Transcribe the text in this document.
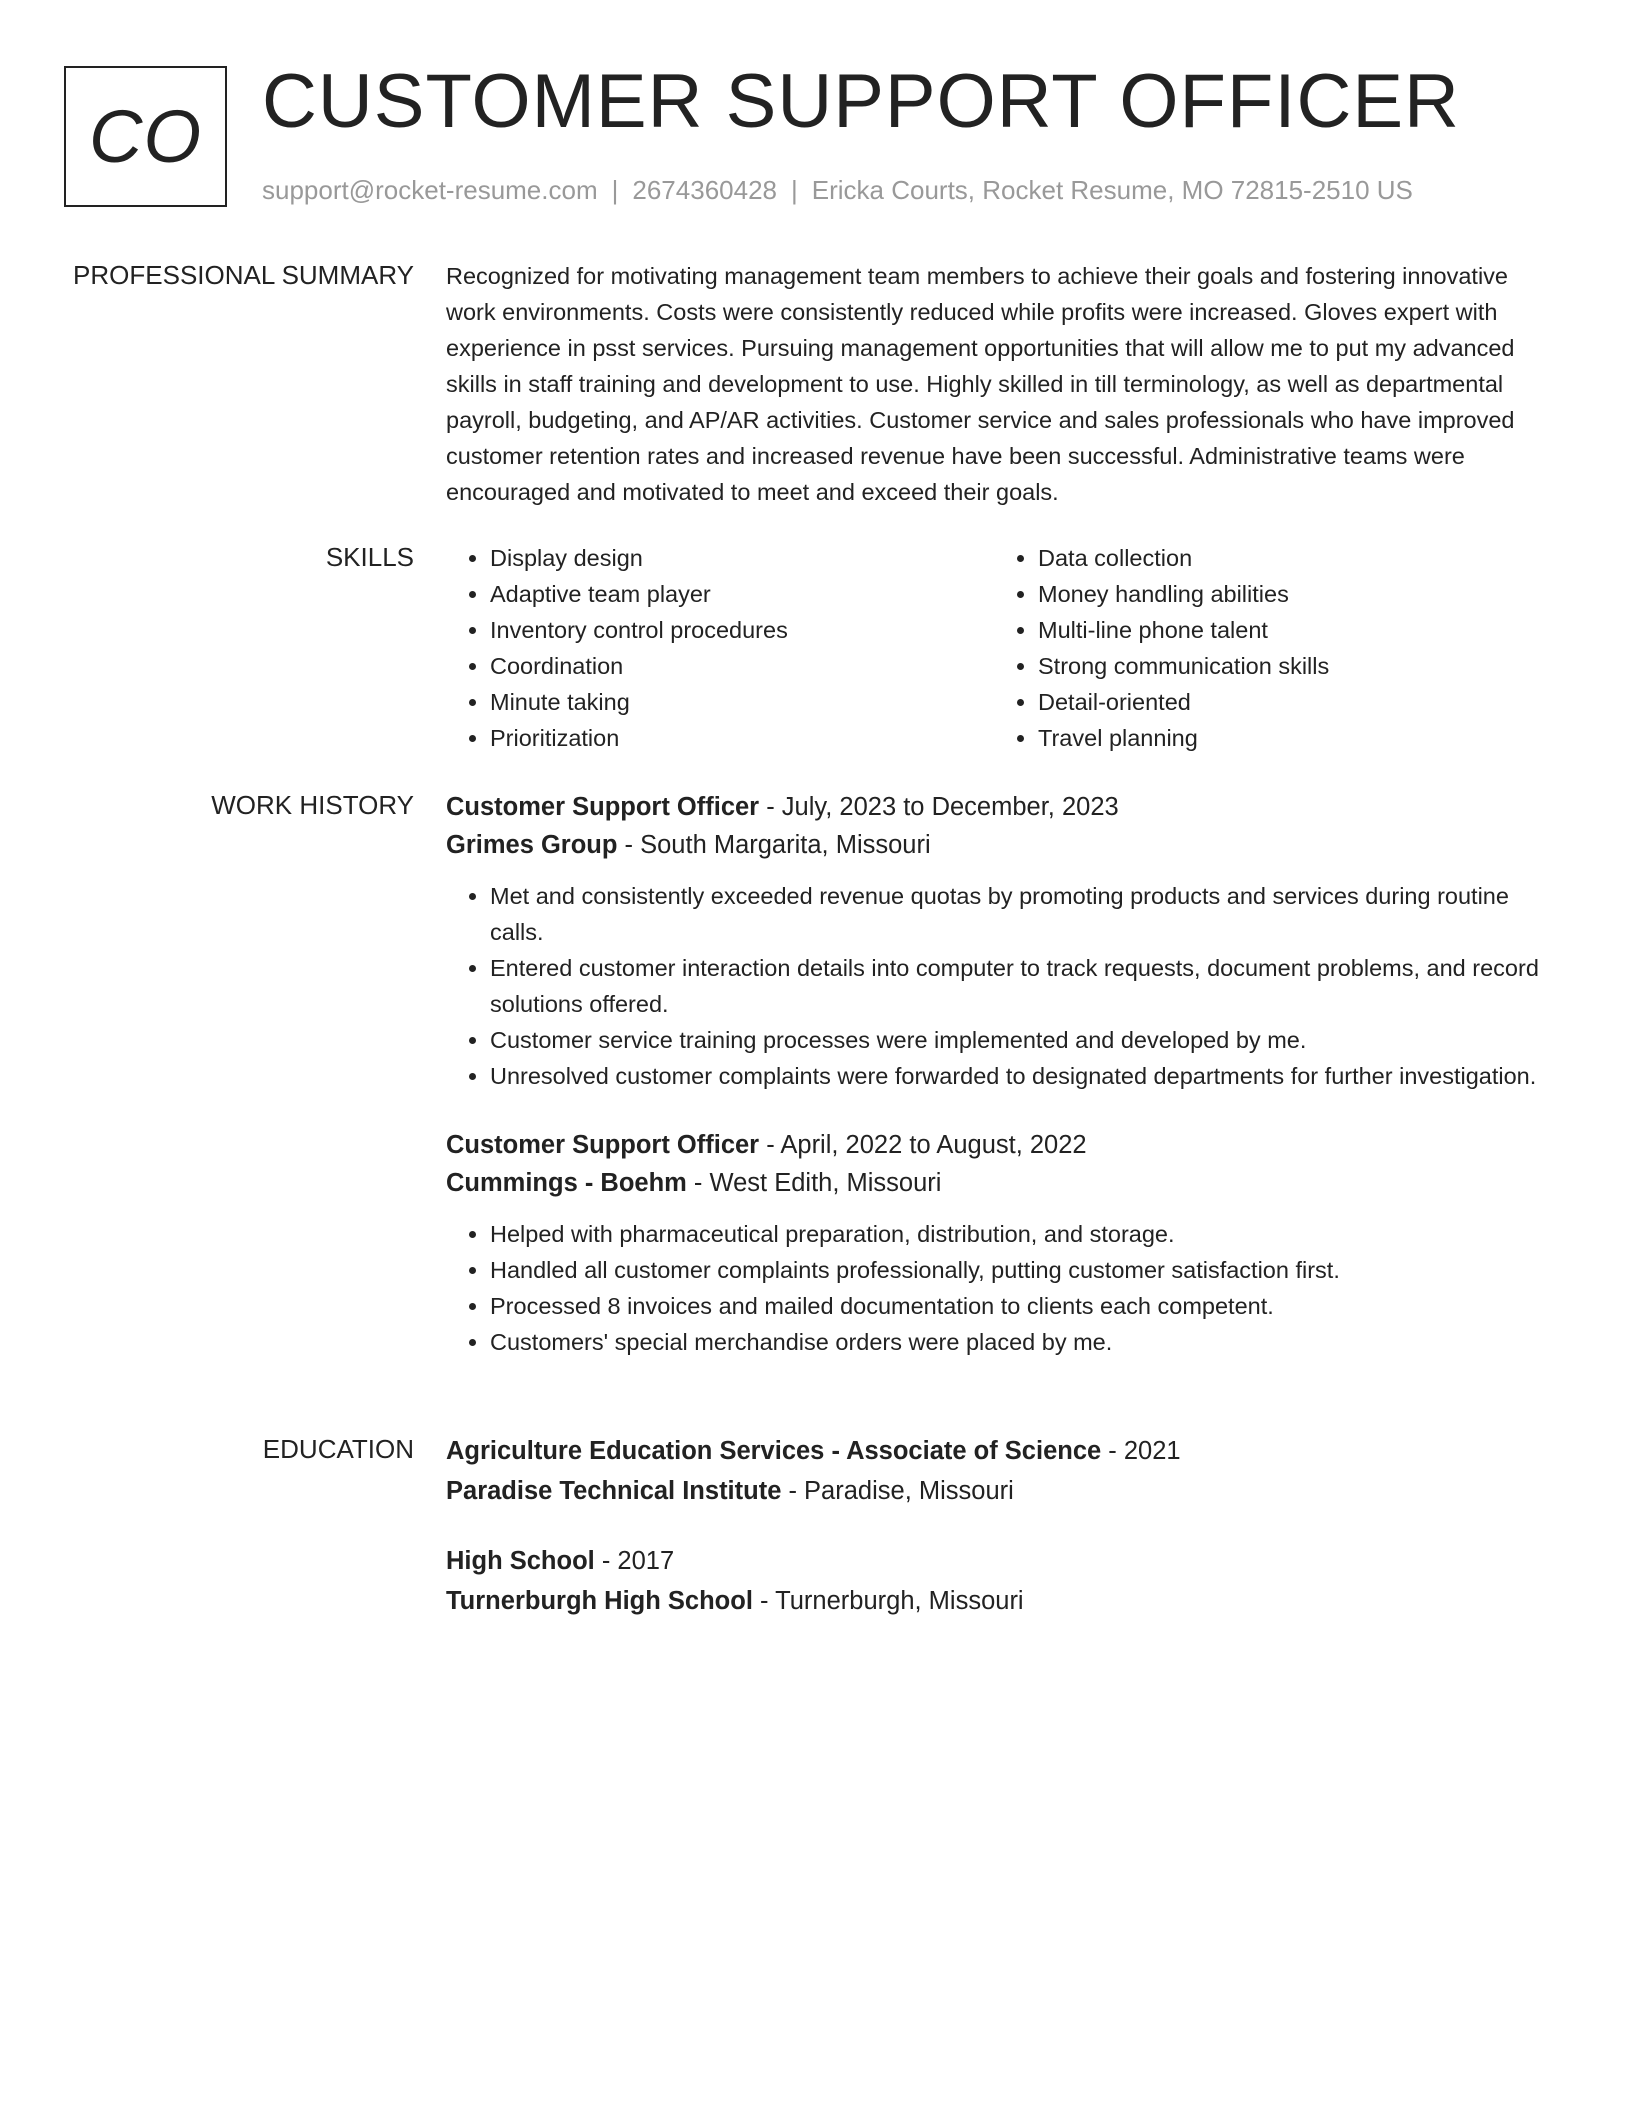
CO CUSTOMER SUPPORT OFFICER
support@rocket-resume.com | 2674360428 | Ericka Courts, Rocket Resume, MO 72815-2510 US
PROFESSIONAL SUMMARY Recognized for motivating management team members to achieve their goals and fostering innovative work environments. Costs were consistently reduced while profits were increased. Gloves expert with experience in psst services. Pursuing management opportunities that will allow me to put my advanced skills in staff training and development to use. Highly skilled in till terminology, as well as departmental payroll, budgeting, and AP/AR activities. Customer service and sales professionals who have improved customer retention rates and increased revenue have been successful. Administrative teams were encouraged and motivated to meet and exceed their goals.

SKILLS
•	Display design
• Adaptive team player
• Inventory control procedures
• Coordination
• Minute taking
• Prioritization
• Data collection
• Money handling abilities
• Multi-line phone talent
• Strong communication skills
• Detail-oriented
• Travel planning
WORK HISTORY Customer Support Officer - July, 2023 to December, 2023
Grimes Group - South Margarita, Missouri
• Met and consistently exceeded revenue quotas by promoting products and services during routine calls.
• Entered customer interaction details into computer to track requests, document problems, and record solutions offered.
• Customer service training processes were implemented and developed by me.
• Unresolved customer complaints were forwarded to designated departments for further investigation.
Customer Support Officer - April, 2022 to August, 2022
Cummings - Boehm - West Edith, Missouri
• Helped with pharmaceutical preparation, distribution, and storage.
• Handled all customer complaints professionally, putting customer satisfaction first.
• Processed 8 invoices and mailed documentation to clients each competent.
• Customers' special merchandise orders were placed by me.
EDUCATION Agriculture Education Services - Associate of Science - 2021
Paradise Technical Institute - Paradise, Missouri
High School - 2017
Turnerburgh High School - Turnerburgh, Missouri
